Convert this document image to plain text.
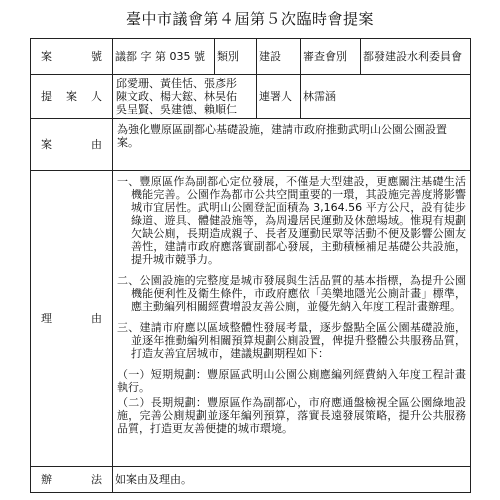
臺中市議會第４屆第５次臨時會提案
案號	議都 字 第 035 號	類別	建設	審查會別	都發建設水利委員會
提案人	邱愛珊、黃佳恬、張彥彤
陳文政、楊大鋐、林昊佑
吳呈賢、吳建德、賴順仁		連署人	林霈涵	
案由	為強化豐原區副都心基礎設施，建請市政府推動武明山公園公園設置案。				
理由	一、豐原區作為副都心定位發展，不僅是大型建設，更應關注基礎生活機能完善。公園作為都市公共空間重要的一環，其設施完善度將影響城市宜居性。武明山公園登記面積為 3,164.56 平方公尺，設有徒步綠道、遊具、體健設施等，為周邊居民運動及休憩場域。惟現有規劃欠缺公廁，長期造成親子、長者及運動民眾等活動不便及影響公園友善性，建請市政府應落實副都心發展，主動積極補足基礎公共設施，提升城市競爭力。

二、公園設施的完整度是城市發展與生活品質的基本指標，為提升公園機能便利性及衛生條件，市政府應依「美樂地隱光公廁計畫」標準，應主動編列相關經費增設友善公廁，並優先納入年度工程計畫辦理。

三、建請市府應以區域整體性發展考量，逐步盤點全區公園基礎設施，並逐年推動編列相關預算規劃公廁設置，俾提升整體公共服務品質，打造友善宜居城市，建議規劃期程如下：

（一）短期規劃：豐原區武明山公園公廁應編列經費納入年度工程計畫執行。

（二）長期規劃：豐原區作為副都心，市府應通盤檢視全區公園綠地設施，完善公廁規劃並逐年編列預算，落實長遠發展策略，提升公共服務品質，打造更友善便捷的城市環境。				

辦法	如案由及理由。				
